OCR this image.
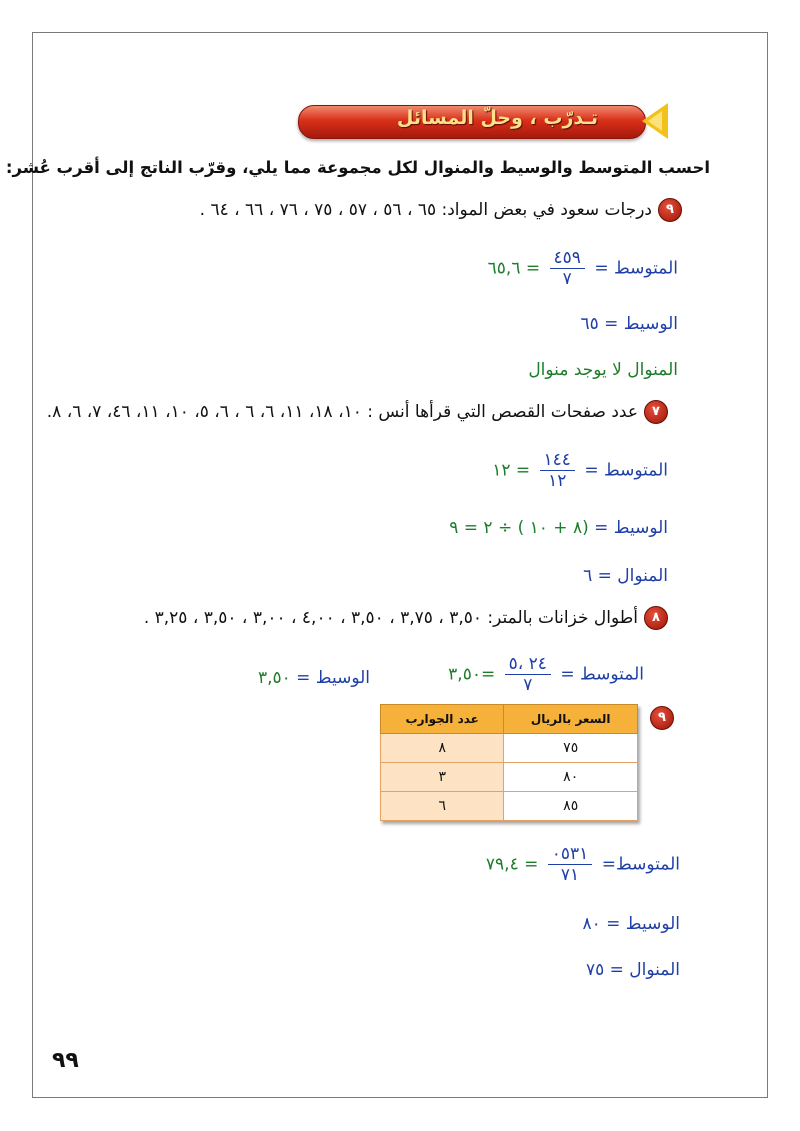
تـدرّب ، وحلّ المسائل
احسب المتوسط والوسيط والمنوال لكل مجموعة مما يلي، وقرّب الناتج إلى أقرب عُشر:
٩درجات سعود في بعض المواد: ٦٥ ، ٥٦ ، ٥٧ ، ٧٥ ، ٧٦ ، ٦٦ ، ٦٤ .
المتوسط =
$\frac{٤٥٩}{٧}$
= ٦٥,٦
الوسيط = ٦٥
المنوال لا يوجد منوال
٧عدد صفحات القصص التي قرأها أنس : ١٠، ١٨، ١١، ٦، ٦ ، ٦، ٥، ١٠، ١١، ٤٦، ٧، ٦، ٨.
المتوسط =
$\frac{١٤٤}{١٢}$
= ١٢
الوسيط = (٨ + ١٠ ) ÷ ٢ = ٩
المنوال = ٦
٨أطوال خزانات بالمتر: ٣,٥٠ ، ٣,٧٥ ، ٣,٥٠ ، ٤,٠٠ ، ٣,٠٠ ، ٣,٥٠ ، ٣,٢٥ .
المتوسط =
$\frac{٢٤ ،٥}{٧}$
=٣,٥٠
الوسيط = ٣,٥٠
٩
السعر بالريال	عدد الجوارب
٧٥	٨
٨٠	٣
٨٥	٦
المتوسط=
$\frac{٠٥٣١}{٧١}$
= ٧٩,٤
الوسيط = ٨٠
المنوال = ٧٥
٩٩
